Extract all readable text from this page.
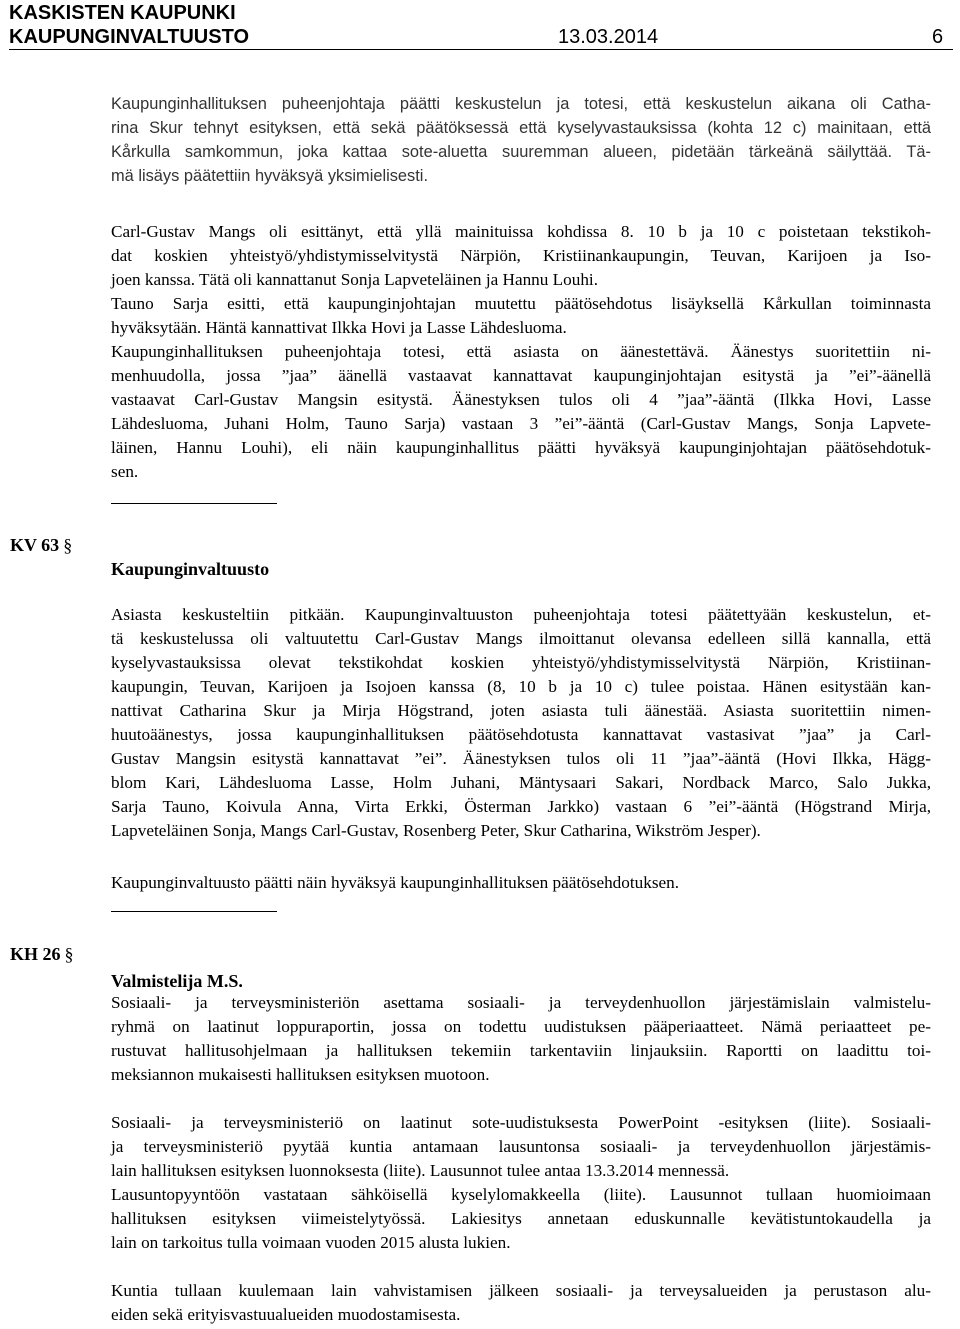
KASKISTEN KAUPUNKI
KAUPUNGINVALTUUSTO	13.03.2014	6
Kaupunginhallituksen puheenjohtaja päätti keskustelun ja totesi, että keskustelun aikana oli Catha-
rina Skur tehnyt esityksen, että sekä päätöksessä että kyselyvastauksissa (kohta 12 c) mainitaan, että
Kårkulla samkommun, joka kattaa sote-aluetta suuremman alueen, pidetään tärkeänä säilyttää. Tä-
mä lisäys päätettiin hyväksyä yksimielisesti.
Carl-Gustav Mangs oli esittänyt, että yllä mainituissa kohdissa 8. 10 b ja 10 c poistetaan tekstikoh-
dat koskien yhteistyö/yhdistymisselvitystä Närpiön, Kristiinankaupungin, Teuvan, Karijoen ja Iso-
joen kanssa. Tätä oli kannattanut Sonja Lapveteläinen ja Hannu Louhi.
Tauno Sarja esitti, että kaupunginjohtajan muutettu päätösehdotus lisäyksellä Kårkullan toiminnasta
hyväksytään. Häntä kannattivat Ilkka Hovi ja Lasse Lähdesluoma.
Kaupunginhallituksen puheenjohtaja totesi, että asiasta on äänestettävä. Äänestys suoritettiin ni-
menhuudolla, jossa ”jaa” äänellä vastaavat kannattavat kaupunginjohtajan esitystä ja ”ei”-äänellä
vastaavat Carl-Gustav Mangsin esitystä. Äänestyksen tulos oli 4 ”jaa”-ääntä (Ilkka Hovi, Lasse
Lähdesluoma, Juhani Holm, Tauno Sarja) vastaan 3 ”ei”-ääntä (Carl-Gustav Mangs, Sonja Lapvete-
läinen, Hannu Louhi), eli näin kaupunginhallitus päätti hyväksyä kaupunginjohtajan päätösehdotuk-
sen.
KV 63 §
Kaupunginvaltuusto
Asiasta keskusteltiin pitkään. Kaupunginvaltuuston puheenjohtaja totesi päätettyään keskustelun, et-
tä keskustelussa oli valtuutettu Carl-Gustav Mangs ilmoittanut olevansa edelleen sillä kannalla, että
kyselyvastauksissa olevat tekstikohdat koskien yhteistyö/yhdistymisselvitystä Närpiön, Kristiinan-
kaupungin, Teuvan, Karijoen ja Isojoen kanssa (8, 10 b ja 10 c) tulee poistaa. Hänen esitystään kan-
nattivat Catharina Skur ja Mirja Högstrand, joten asiasta tuli äänestää. Asiasta suoritettiin nimen-
huutoäänestys, jossa kaupunginhallituksen päätösehdotusta kannattavat vastasivat ”jaa” ja Carl-
Gustav Mangsin esitystä kannattavat ”ei”. Äänestyksen tulos oli 11 ”jaa”-ääntä (Hovi Ilkka, Hägg-
blom Kari, Lähdesluoma Lasse, Holm Juhani, Mäntysaari Sakari, Nordback Marco, Salo Jukka,
Sarja Tauno, Koivula Anna, Virta Erkki, Österman Jarkko) vastaan 6 ”ei”-ääntä (Högstrand Mirja,
Lapveteläinen Sonja, Mangs Carl-Gustav, Rosenberg Peter, Skur Catharina, Wikström Jesper).
Kaupunginvaltuusto päätti näin hyväksyä kaupunginhallituksen päätösehdotuksen.
KH 26 §
Valmistelija M.S.
Sosiaali- ja terveysministeriön asettama sosiaali- ja terveydenhuollon järjestämislain valmistelu-
ryhmä on laatinut loppuraportin, jossa on todettu uudistuksen pääperiaatteet. Nämä periaatteet pe-
rustuvat hallitusohjelmaan ja hallituksen tekemiin tarkentaviin linjauksiin. Raportti on laadittu toi-
meksiannon mukaisesti hallituksen esityksen muotoon.
Sosiaali- ja terveysministeriö on laatinut sote-uudistuksesta PowerPoint -esityksen (liite). Sosiaali-
ja terveysministeriö pyytää kuntia antamaan lausuntonsa sosiaali- ja terveydenhuollon järjestämis-
lain hallituksen esityksen luonnoksesta (liite). Lausunnot tulee antaa 13.3.2014 mennessä.
Lausuntopyyntöön vastataan sähköisellä kyselylomakkeella (liite). Lausunnot tullaan huomioimaan
hallituksen esityksen viimeistelytyössä. Lakiesitys annetaan eduskunnalle kevätistuntokaudella ja
lain on tarkoitus tulla voimaan vuoden 2015 alusta lukien.
Kuntia tullaan kuulemaan lain vahvistamisen jälkeen sosiaali- ja terveysalueiden ja perustason alu-
eiden sekä erityisvastuualueiden muodostamisesta.
